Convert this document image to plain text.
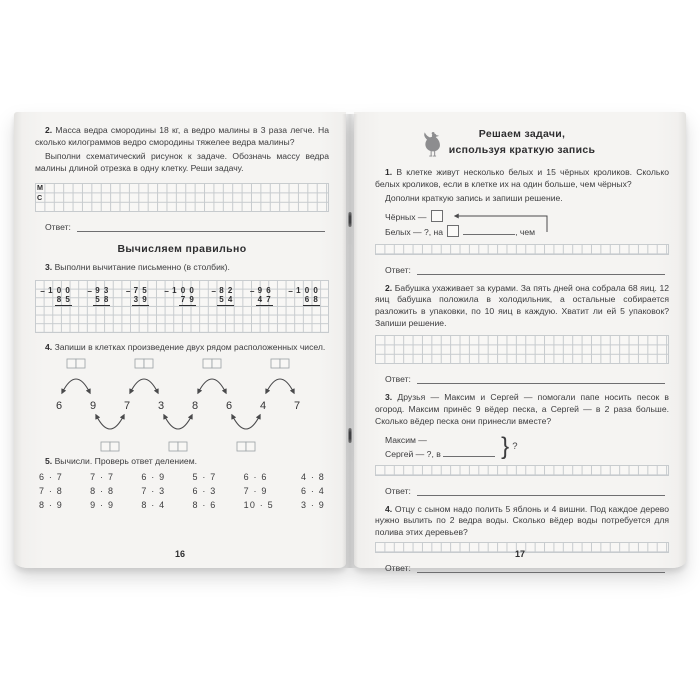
2. Масса ведра смородины 18 кг, а ведро малины в 3 раза легче. На сколько килограммов ведро смородины тяжелее ведра малины?

Выполни схематический рисунок к задаче. Обозначь массу ведра малины длиной отрезка в одну клетку. Реши задачу.

М
С
Ответ:
Вычисляем правильно

3. Выполни вычитание письменно (в столбик).

− 1 0 0
8 5
− 9 3
5 8
− 7 5
3 9
− 1 0 0
7 9
− 8 2
5 4
− 9 6
4 7
− 1 0 0
6 8

4. Запиши в клетках произведение двух рядом расположенных чисел.

6	9	7	3	8	6	4	7

5. Вычисли. Проверь ответ делением.

6 · 7	7 · 7	6 · 9	5 · 7	6 · 6	4 · 8
7 · 8	8 · 8	7 · 3	6 · 3	7 · 9	6 · 4
8 · 9	9 · 9	8 · 4	8 · 6	10 · 5	3 · 9
16
Решаем задачи,
используя краткую запись

1. В клетке живут несколько белых и 15 чёрных кроликов. Сколько белых кроликов, если в клетке их на один больше, чем чёрных?

Дополни краткую запись и запиши решение.

Чёрных —
Белых — ?, на	, чем
Ответ:

2. Бабушка ухаживает за курами. За пять дней она собрала 68 яиц. 12 яиц бабушка положила в холодильник, а остальные собирается разложить в упаковки, по 10 яиц в каждую. Хватит ли ей 5 упаковок? Запиши решение.

Ответ:

3. Друзья — Максим и Сергей — помогали папе носить песок в огород. Максим принёс 9 вёдер песка, а Сергей — в 2 раза больше. Сколько вёдер песка они принесли вместе?

Максим —
Сергей — ?, в	} ?
Ответ:

4. Отцу с сыном надо полить 5 яблонь и 4 вишни. Под каждое дерево нужно вылить по 2 ведра воды. Сколько вёдер воды потребуется для полива этих деревьев?

Ответ:
17
